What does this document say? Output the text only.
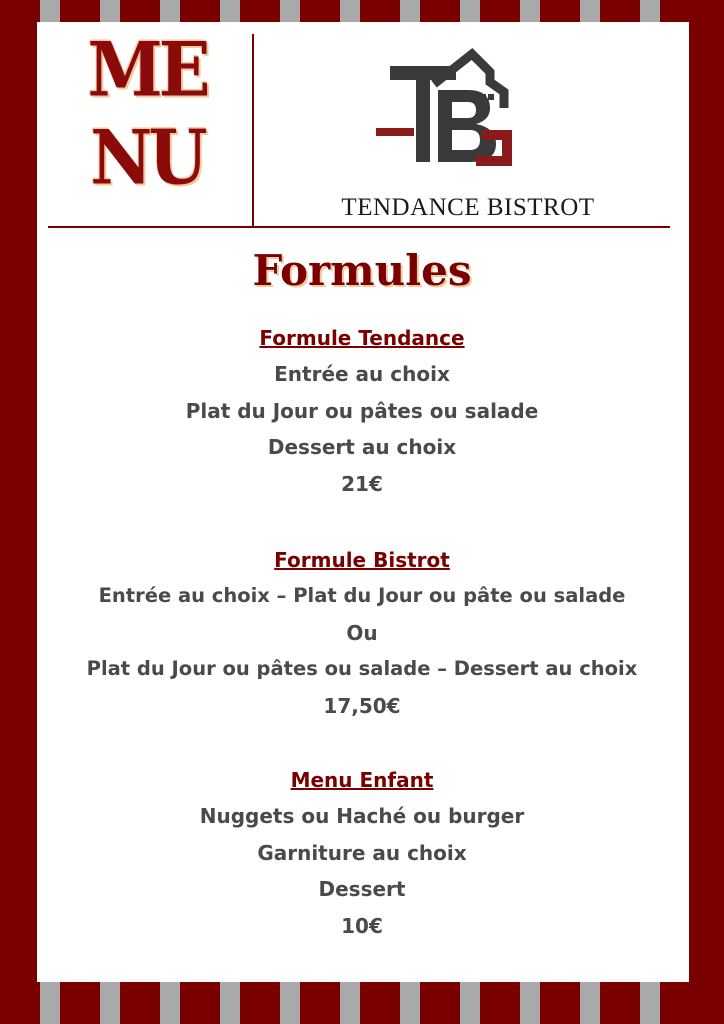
ME
NU
TENDANCE BISTROT
Formules
Formule Tendance
Entrée au choix
Plat du Jour ou pâtes ou salade
Dessert au choix
21€
Formule Bistrot
Entrée au choix – Plat du Jour ou pâte ou salade
Ou
Plat du Jour ou pâtes ou salade – Dessert au choix
17,50€
Menu Enfant
Nuggets ou Haché ou burger
Garniture au choix
Dessert
10€
